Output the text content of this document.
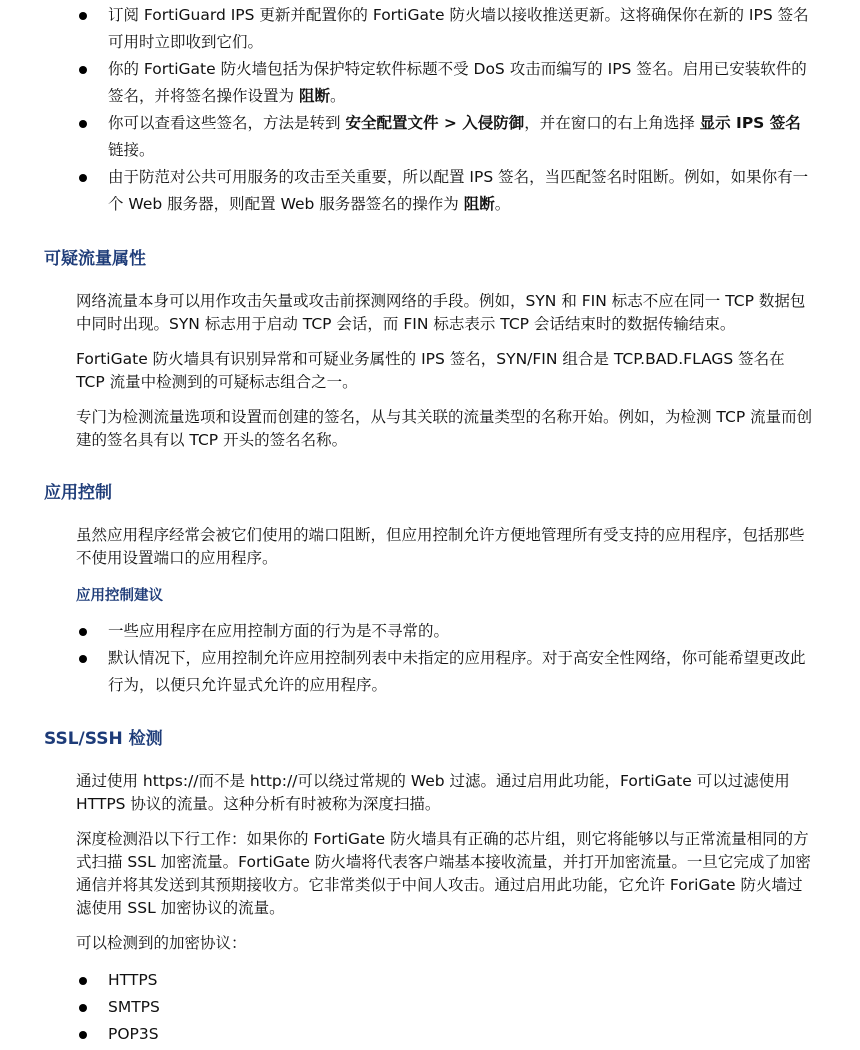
订阅 FortiGuard IPS 更新并配置你的 FortiGate 防火墙以接收推送更新。这将确保你在新的 IPS 签名可用时立即收到它们。
你的 FortiGate 防火墙包括为保护特定软件标题不受 DoS 攻击而编写的 IPS 签名。启用已安装软件的签名，并将签名操作设置为 阻断。
你可以查看这些签名，方法是转到 安全配置文件 > 入侵防御，并在窗口的右上角选择 显示 IPS 签名 链接。
由于防范对公共可用服务的攻击至关重要，所以配置 IPS 签名，当匹配签名时阻断。例如，如果你有一个 Web 服务器，则配置 Web 服务器签名的操作为 阻断。
可疑流量属性

网络流量本身可以用作攻击矢量或攻击前探测网络的手段。例如，SYN 和 FIN 标志不应在同一 TCP 数据包中同时出现。SYN 标志用于启动 TCP 会话，而 FIN 标志表示 TCP 会话结束时的数据传输结束。

FortiGate 防火墙具有识别异常和可疑业务属性的 IPS 签名，SYN/FIN 组合是 TCP.BAD.FLAGS 签名在 TCP 流量中检测到的可疑标志组合之一。

专门为检测流量选项和设置而创建的签名，从与其关联的流量类型的名称开始。例如，为检测 TCP 流量而创建的签名具有以 TCP 开头的签名名称。

应用控制

虽然应用程序经常会被它们使用的端口阻断，但应用控制允许方便地管理所有受支持的应用程序，包括那些不使用设置端口的应用程序。

应用控制建议
一些应用程序在应用控制方面的行为是不寻常的。
默认情况下，应用控制允许应用控制列表中未指定的应用程序。对于高安全性网络，你可能希望更改此行为，以便只允许显式允许的应用程序。
SSL/SSH 检测

通过使用 https://而不是 http://可以绕过常规的 Web 过滤。通过启用此功能，FortiGate 可以过滤使用 HTTPS 协议的流量。这种分析有时被称为深度扫描。

深度检测沿以下行工作：如果你的 FortiGate 防火墙具有正确的芯片组，则它将能够以与正常流量相同的方式扫描 SSL 加密流量。FortiGate 防火墙将代表客户端基本接收流量，并打开加密流量。一旦它完成了加密通信并将其发送到其预期接收方。它非常类似于中间人攻击。通过启用此功能，它允许 ForiGate 防火墙过滤使用 SSL 加密协议的流量。

可以检测到的加密协议：

HTTPS
SMTPS
POP3S
